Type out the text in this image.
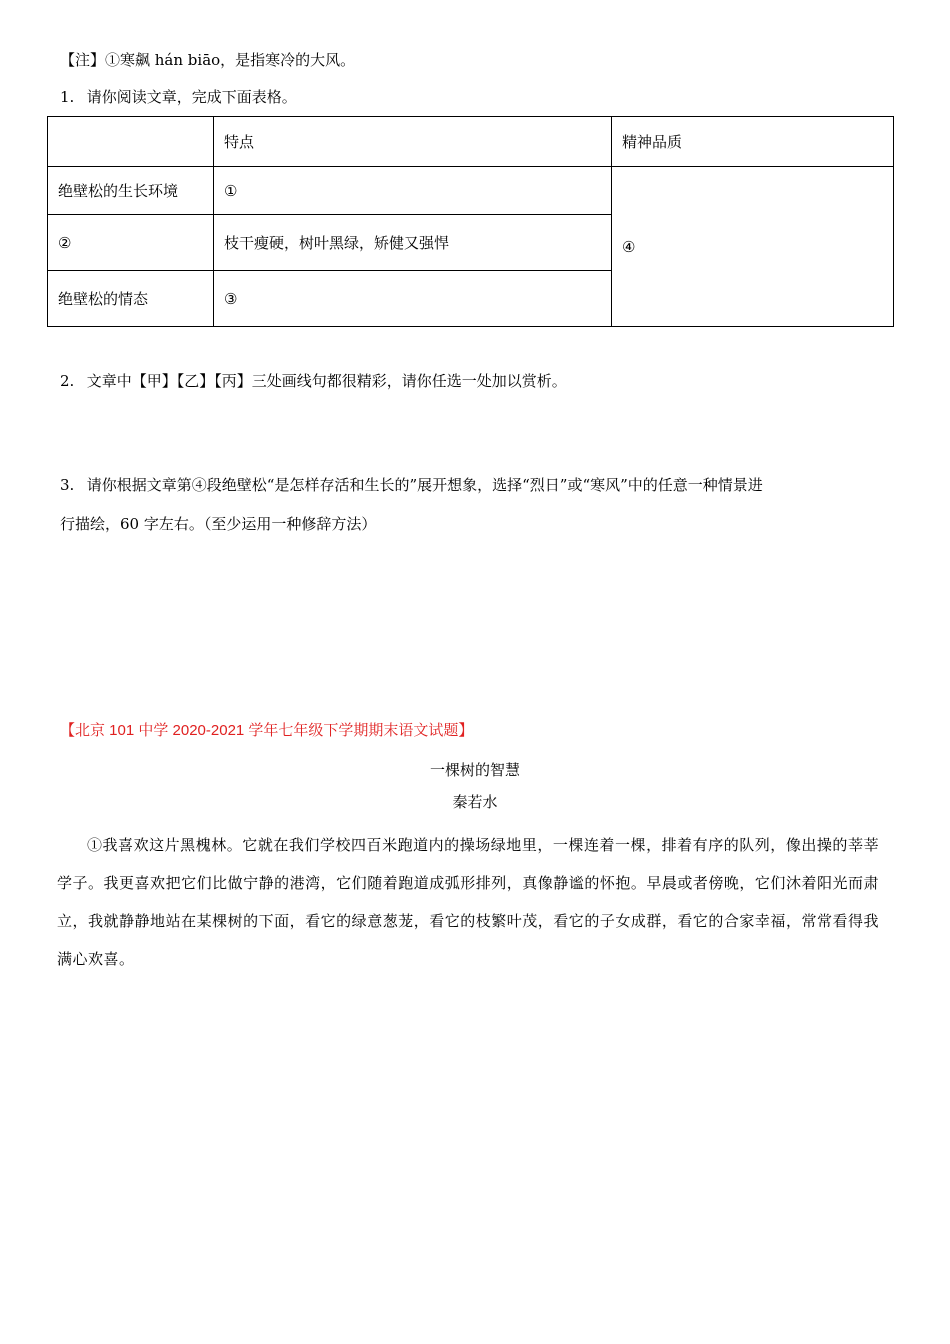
【注】①寒飙 hán biāo，是指寒冷的大风。
1. 请你阅读文章，完成下面表格。
	特点	精神品质
绝壁松的生长环境	①	④
②	枝干瘦硬，树叶黑绿，矫健又强悍	
绝壁松的情态	③	
2. 文章中【甲】【乙】【丙】三处画线句都很精彩，请你任选一处加以赏析。
3. 请你根据文章第④段绝壁松“是怎样存活和生长的”展开想象，选择“烈日”或“寒风”中的任意一种情景进
行描绘，60 字左右。（至少运用一种修辞方法）
【北京 101 中学 2020-2021 学年七年级下学期期末语文试题】
一棵树的智慧
秦若水
①我喜欢这片黑槐林。它就在我们学校四百米跑道内的操场绿地里，一棵连着一棵，排着有序的队列，像出操的莘莘学子。我更喜欢把它们比做宁静的港湾，它们随着跑道成弧形排列，真像静谧的怀抱。早晨或者傍晚，它们沐着阳光而肃立，我就静静地站在某棵树的下面，看它的绿意葱茏，看它的枝繁叶茂，看它的子女成群，看它的合家幸福，常常看得我满心欢喜。
